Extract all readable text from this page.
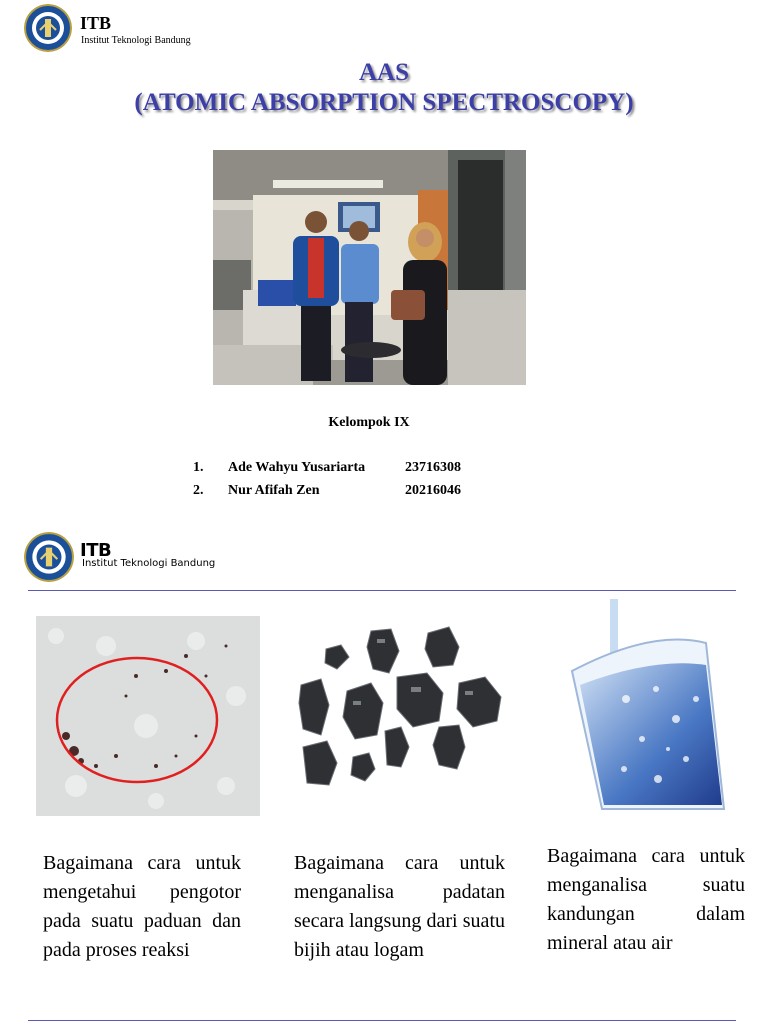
ITB
Institut Teknologi Bandung
AAS
(ATOMIC ABSORPTION SPECTROSCOPY)
Kelompok IX
1. Ade Wahyu Yusariarta	23716308
2. Nur Afifah Zen	20216046
ITB
Institut Teknologi Bandung
Bagaimana cara untuk mengetahui pengotor pada suatu paduan dan pada proses reaksi
Bagaimana cara untuk menganalisa padatan secara langsung dari suatu bijih atau logam
Bagaimana cara untuk menganalisa suatu kandungan dalam mineral atau air
